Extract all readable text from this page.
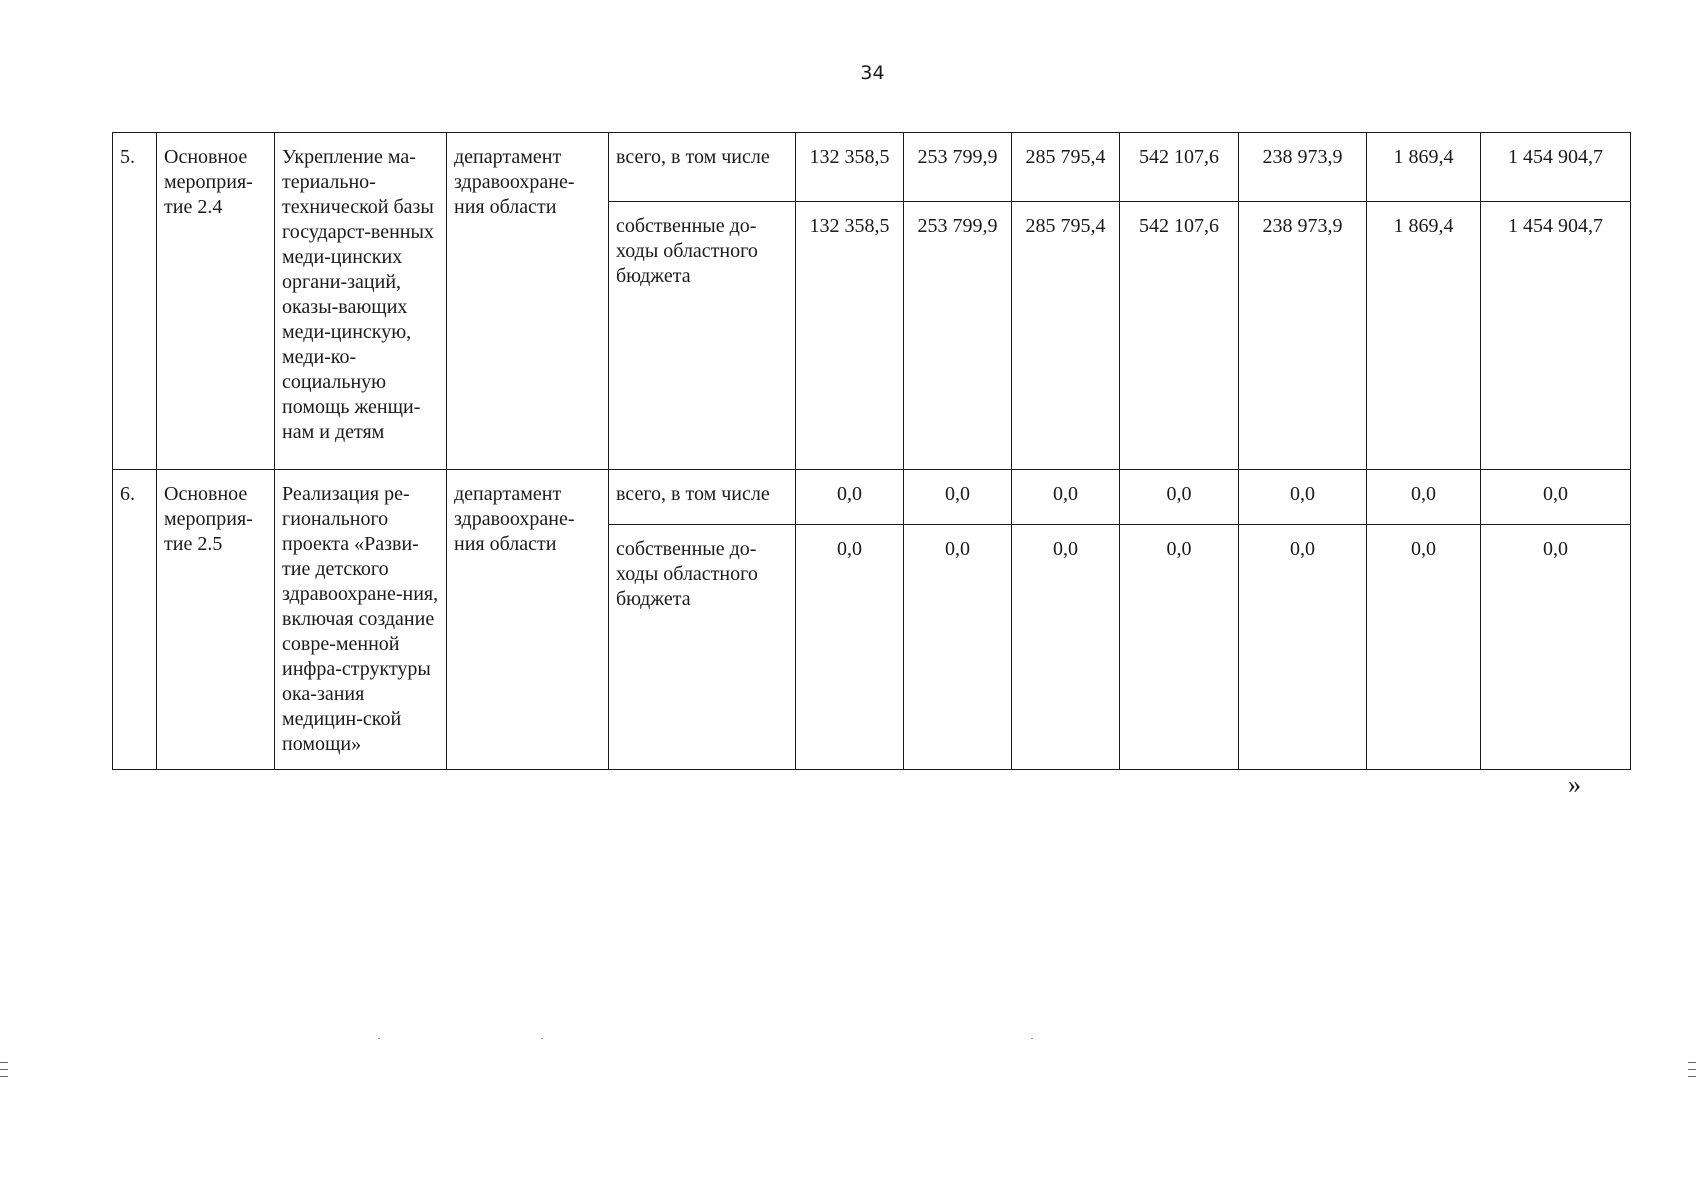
34
5.	Основное мероприя-тие 2.4	Укрепление ма-териально-технической базы государст-венных меди-цинских органи-заций, оказы-вающих меди-цинскую, меди-ко-социальную помощь женщи-нам и детям	департамент здравоохране-ния области	всего, в том числе	132 358,5	253 799,9	285 795,4	542 107,6	238 973,9	1 869,4	1 454 904,7
				собственные до-ходы областного бюджета	132 358,5	253 799,9	285 795,4	542 107,6	238 973,9	1 869,4	1 454 904,7
6.	Основное мероприя-тие 2.5	Реализация ре-гионального проекта «Разви-тие детского здравоохране-ния, включая создание совре-менной инфра-структуры ока-зания медицин-ской помощи»	департамент здравоохране-ния области	всего, в том числе	0,0	0,0	0,0	0,0	0,0	0,0	0,0
				собственные до-ходы областного бюджета	0,0	0,0	0,0	0,0	0,0	0,0	0,0
»
